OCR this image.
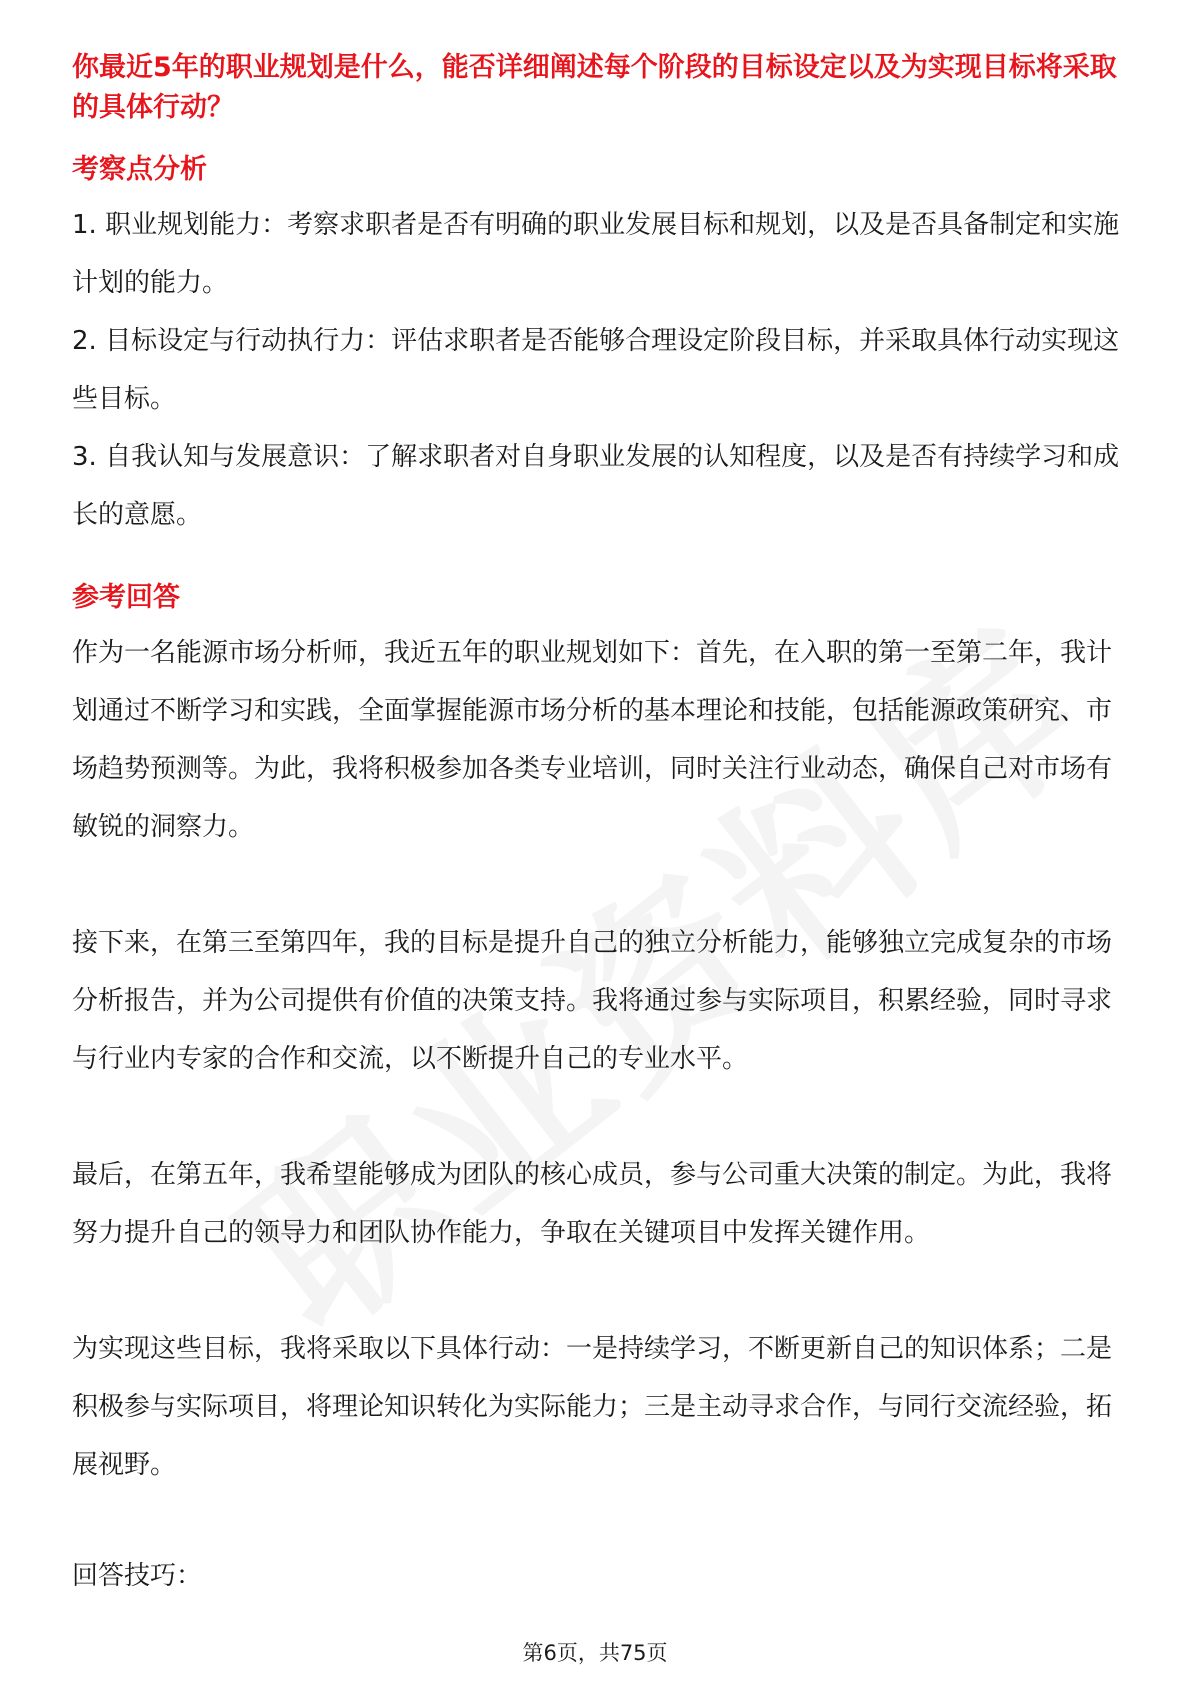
你最近5年的职业规划是什么，能否详细阐述每个阶段的目标设定以及为实现目标将采取的具体行动？

考察点分析

1. 职业规划能力：考察求职者是否有明确的职业发展目标和规划，以及是否具备制定和实施计划的能力。

2. 目标设定与行动执行力：评估求职者是否能够合理设定阶段目标，并采取具体行动实现这些目标。

3. 自我认知与发展意识：了解求职者对自身职业发展的认知程度，以及是否有持续学习和成长的意愿。

参考回答

作为一名能源市场分析师，我近五年的职业规划如下：首先，在入职的第一至第二年，我计划通过不断学习和实践，全面掌握能源市场分析的基本理论和技能，包括能源政策研究、市场趋势预测等。为此，我将积极参加各类专业培训，同时关注行业动态，确保自己对市场有敏锐的洞察力。

接下来，在第三至第四年，我的目标是提升自己的独立分析能力，能够独立完成复杂的市场分析报告，并为公司提供有价值的决策支持。我将通过参与实际项目，积累经验，同时寻求与行业内专家的合作和交流，以不断提升自己的专业水平。

最后，在第五年，我希望能够成为团队的核心成员，参与公司重大决策的制定。为此，我将努力提升自己的领导力和团队协作能力，争取在关键项目中发挥关键作用。

为实现这些目标，我将采取以下具体行动：一是持续学习，不断更新自己的知识体系；二是积极参与实际项目，将理论知识转化为实际能力；三是主动寻求合作，与同行交流经验，拓展视野。

回答技巧：

第6页，共75页
